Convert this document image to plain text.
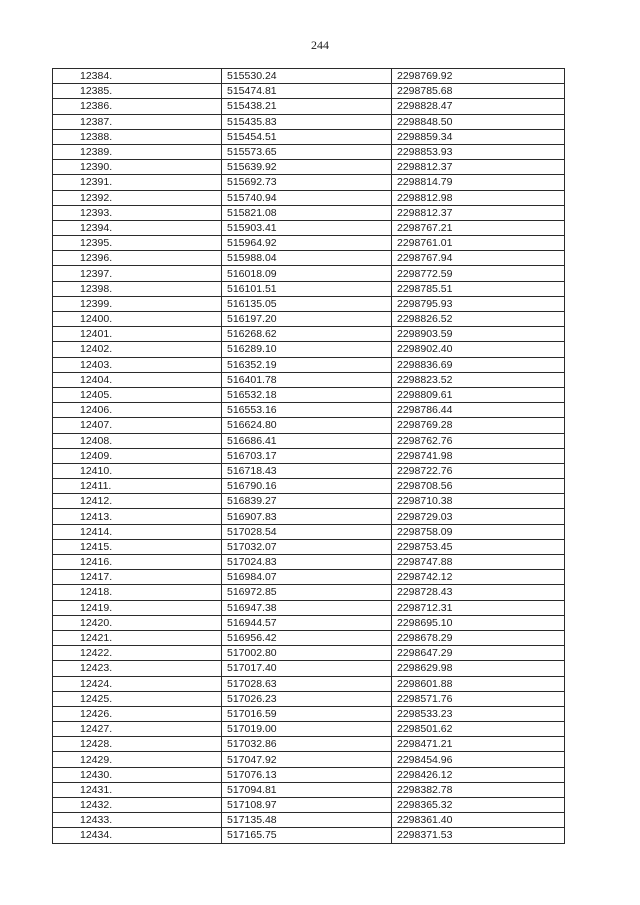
244
12384.	515530.24	2298769.92
12385.	515474.81	2298785.68
12386.	515438.21	2298828.47
12387.	515435.83	2298848.50
12388.	515454.51	2298859.34
12389.	515573.65	2298853.93
12390.	515639.92	2298812.37
12391.	515692.73	2298814.79
12392.	515740.94	2298812.98
12393.	515821.08	2298812.37
12394.	515903.41	2298767.21
12395.	515964.92	2298761.01
12396.	515988.04	2298767.94
12397.	516018.09	2298772.59
12398.	516101.51	2298785.51
12399.	516135.05	2298795.93
12400.	516197.20	2298826.52
12401.	516268.62	2298903.59
12402.	516289.10	2298902.40
12403.	516352.19	2298836.69
12404.	516401.78	2298823.52
12405.	516532.18	2298809.61
12406.	516553.16	2298786.44
12407.	516624.80	2298769.28
12408.	516686.41	2298762.76
12409.	516703.17	2298741.98
12410.	516718.43	2298722.76
12411.	516790.16	2298708.56
12412.	516839.27	2298710.38
12413.	516907.83	2298729.03
12414.	517028.54	2298758.09
12415.	517032.07	2298753.45
12416.	517024.83	2298747.88
12417.	516984.07	2298742.12
12418.	516972.85	2298728.43
12419.	516947.38	2298712.31
12420.	516944.57	2298695.10
12421.	516956.42	2298678.29
12422.	517002.80	2298647.29
12423.	517017.40	2298629.98
12424.	517028.63	2298601.88
12425.	517026.23	2298571.76
12426.	517016.59	2298533.23
12427.	517019.00	2298501.62
12428.	517032.86	2298471.21
12429.	517047.92	2298454.96
12430.	517076.13	2298426.12
12431.	517094.81	2298382.78
12432.	517108.97	2298365.32
12433.	517135.48	2298361.40
12434.	517165.75	2298371.53
